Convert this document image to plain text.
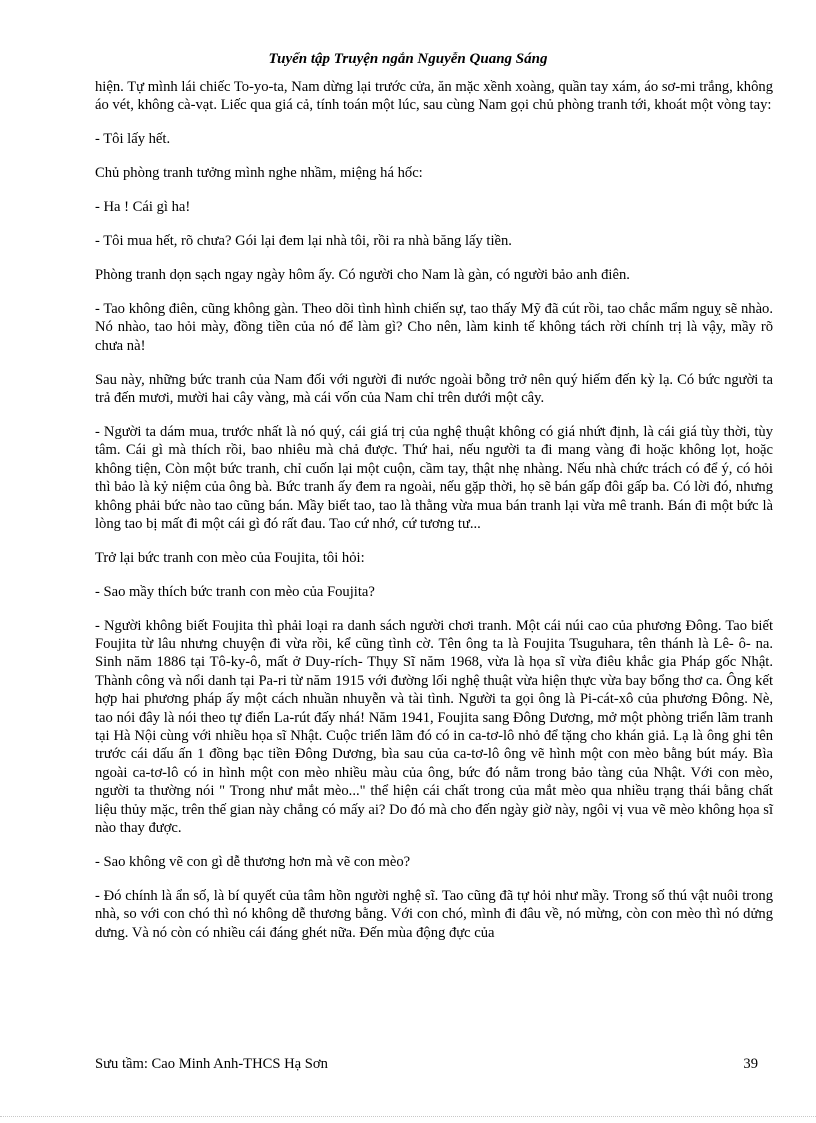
Tuyển tập Truyện ngắn Nguyễn Quang Sáng

hiện. Tự mình lái chiếc To-yo-ta, Nam dừng lại trước cửa, ăn mặc xềnh xoàng, quần tay xám, áo sơ-mi trắng, không áo vét, không cà-vạt. Liếc qua giá cả, tính toán một lúc, sau cùng Nam gọi chủ phòng tranh tới, khoát một vòng tay:

- Tôi lấy hết.

Chủ phòng tranh tưởng mình nghe nhầm, miệng há hốc:

- Ha ! Cái gì ha!

- Tôi mua hết, rõ chưa? Gói lại đem lại nhà tôi, rồi ra nhà băng lấy tiền.

Phòng tranh dọn sạch ngay ngày hôm ấy. Có người cho Nam là gàn, có người bảo anh điên.

- Tao không điên, cũng không gàn. Theo dõi tình hình chiến sự, tao thấy Mỹ đã cút rồi, tao chắc mẩm nguỵ sẽ nhào. Nó nhào, tao hỏi mày, đồng tiền của nó để làm gì? Cho nên, làm kinh tế không tách rời chính trị là vậy, mầy rõ chưa nà!

Sau này, những bức tranh của Nam đối với người đi nước ngoài bỗng trở nên quý hiếm đến kỳ lạ. Có bức người ta trả đến mươi, mười hai cây vàng, mà cái vốn của Nam chỉ trên dưới một cây.

- Người ta dám mua, trước nhất là nó quý, cái giá trị của nghệ thuật không có giá nhứt định, là cái giá tùy thời, tùy tâm. Cái gì mà thích rồi, bao nhiêu mà chả được. Thứ hai, nếu người ta đi mang vàng đi hoặc không lọt, hoặc không tiện, Còn một bức tranh, chỉ cuốn lại một cuộn, cầm tay, thật nhẹ nhàng. Nếu nhà chức trách có để ý, có hỏi thì bảo là kỷ niệm của ông bà. Bức tranh ấy đem ra ngoài, nếu gặp thời, họ sẽ bán gấp đôi gấp ba. Có lời đó, nhưng không phải bức nào tao cũng bán. Mầy biết tao, tao là thằng vừa mua bán tranh lại vừa mê tranh. Bán đi một bức là lòng tao bị mất đi một cái gì đó rất đau. Tao cứ nhớ, cứ tương tư...

Trở lại bức tranh con mèo của Foujita, tôi hỏi:

- Sao mầy thích bức tranh con mèo của Foujita?

- Người không biết Foujita thì phải loại ra danh sách người chơi tranh. Một cái núi cao của phương Đông. Tao biết Foujita từ lâu nhưng chuyện đi vừa rồi, kể cũng tình cờ. Tên ông ta là Foujita Tsuguhara, tên thánh là Lê- ô- na. Sinh năm 1886 tại Tô-ky-ô, mất ở Duy-rích- Thụy Sĩ năm 1968, vừa là họa sĩ vừa điêu khắc gia Pháp gốc Nhật. Thành công và nổi danh tại Pa-ri từ năm 1915 với đường lối nghệ thuật vừa hiện thực vừa bay bổng thơ ca. Ông kết hợp hai phương pháp ấy một cách nhuần nhuyễn và tài tình. Người ta gọi ông là Pi-cát-xô của phương Đông. Nè, tao nói đây là nói theo tự điển La-rút đấy nhá! Năm 1941, Foujita sang Đông Dương, mở một phòng triển lãm tranh tại Hà Nội cùng với nhiều họa sĩ Nhật. Cuộc triển lãm đó có in ca-tơ-lô nhỏ để tặng cho khán giả. Lạ là ông ghi tên trước cái dấu ấn 1 đồng bạc tiền Đông Dương, bìa sau của ca-tơ-lô ông vẽ hình một con mèo bằng bút máy. Bìa ngoài ca-tơ-lô có in hình một con mèo nhiều màu của ông, bức đó nằm trong bảo tàng của Nhật. Với con mèo, người ta thường nói " Trong như mắt mèo..." thể hiện cái chất trong của mắt mèo qua nhiều trạng thái bằng chất liệu thủy mặc, trên thế gian này chẳng có mấy ai? Do đó mà cho đến ngày giờ này, ngôi vị vua vẽ mèo không họa sĩ nào thay được.

- Sao không vẽ con gì dễ thương hơn mà vẽ con mèo?

- Đó chính là ẩn số, là bí quyết của tâm hồn người nghệ sĩ. Tao cũng đã tự hỏi như mầy. Trong số thú vật nuôi trong nhà, so với con chó thì nó không dễ thương bằng. Với con chó, mình đi đâu về, nó mừng, còn con mèo thì nó dửng dưng. Và nó còn có nhiều cái đáng ghét nữa. Đến mùa động đực của

Sưu tầm: Cao Minh Anh-THCS Hạ Sơn	39
